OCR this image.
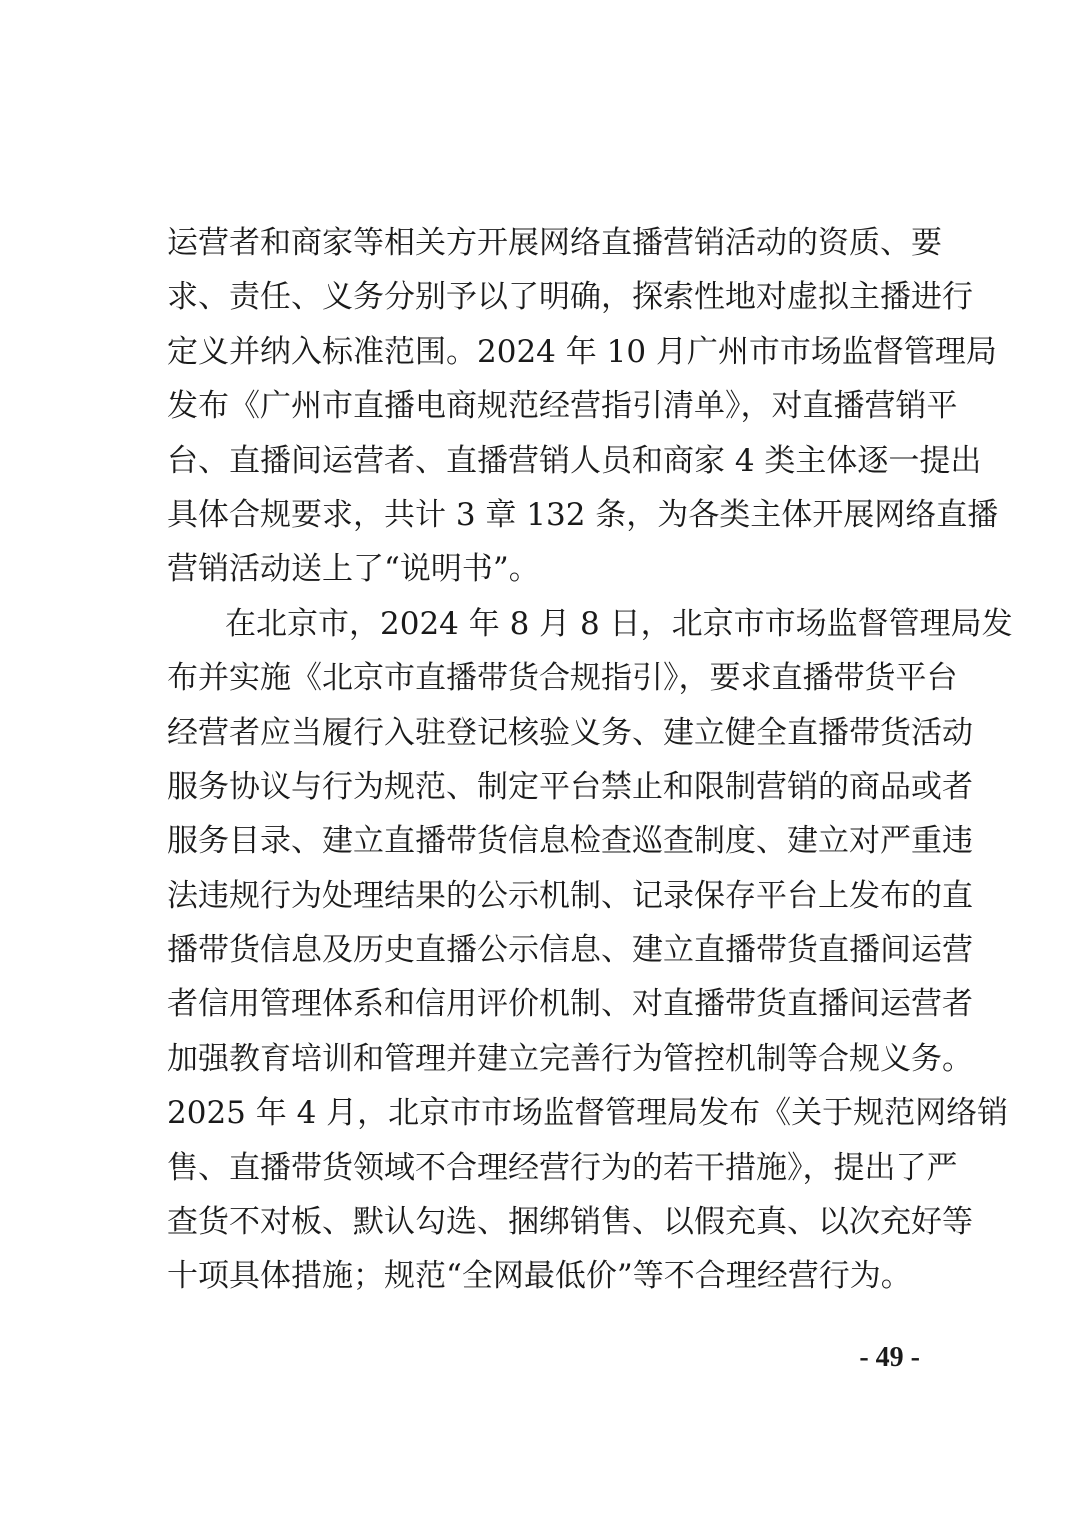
运营者和商家等相关方开展网络直播营销活动的资质、要
求、责任、义务分别予以了明确，探索性地对虚拟主播进行
定义并纳入标准范围。2024 年 10 月广州市市场监督管理局
发布《广州市直播电商规范经营指引清单》，对直播营销平
台、直播间运营者、直播营销人员和商家 4 类主体逐一提出
具体合规要求，共计 3 章 132 条，为各类主体开展网络直播
营销活动送上了“说明书”。
在北京市，2024 年 8 月 8 日，北京市市场监督管理局发
布并实施《北京市直播带货合规指引》，要求直播带货平台
经营者应当履行入驻登记核验义务、建立健全直播带货活动
服务协议与行为规范、制定平台禁止和限制营销的商品或者
服务目录、建立直播带货信息检查巡查制度、建立对严重违
法违规行为处理结果的公示机制、记录保存平台上发布的直
播带货信息及历史直播公示信息、建立直播带货直播间运营
者信用管理体系和信用评价机制、对直播带货直播间运营者
加强教育培训和管理并建立完善行为管控机制等合规义务。
2025 年 4 月，北京市市场监督管理局发布《关于规范网络销
售、直播带货领域不合理经营行为的若干措施》，提出了严
查货不对板、默认勾选、捆绑销售、以假充真、以次充好等
十项具体措施；规范“全网最低价”等不合理经营行为。
- 49 -
